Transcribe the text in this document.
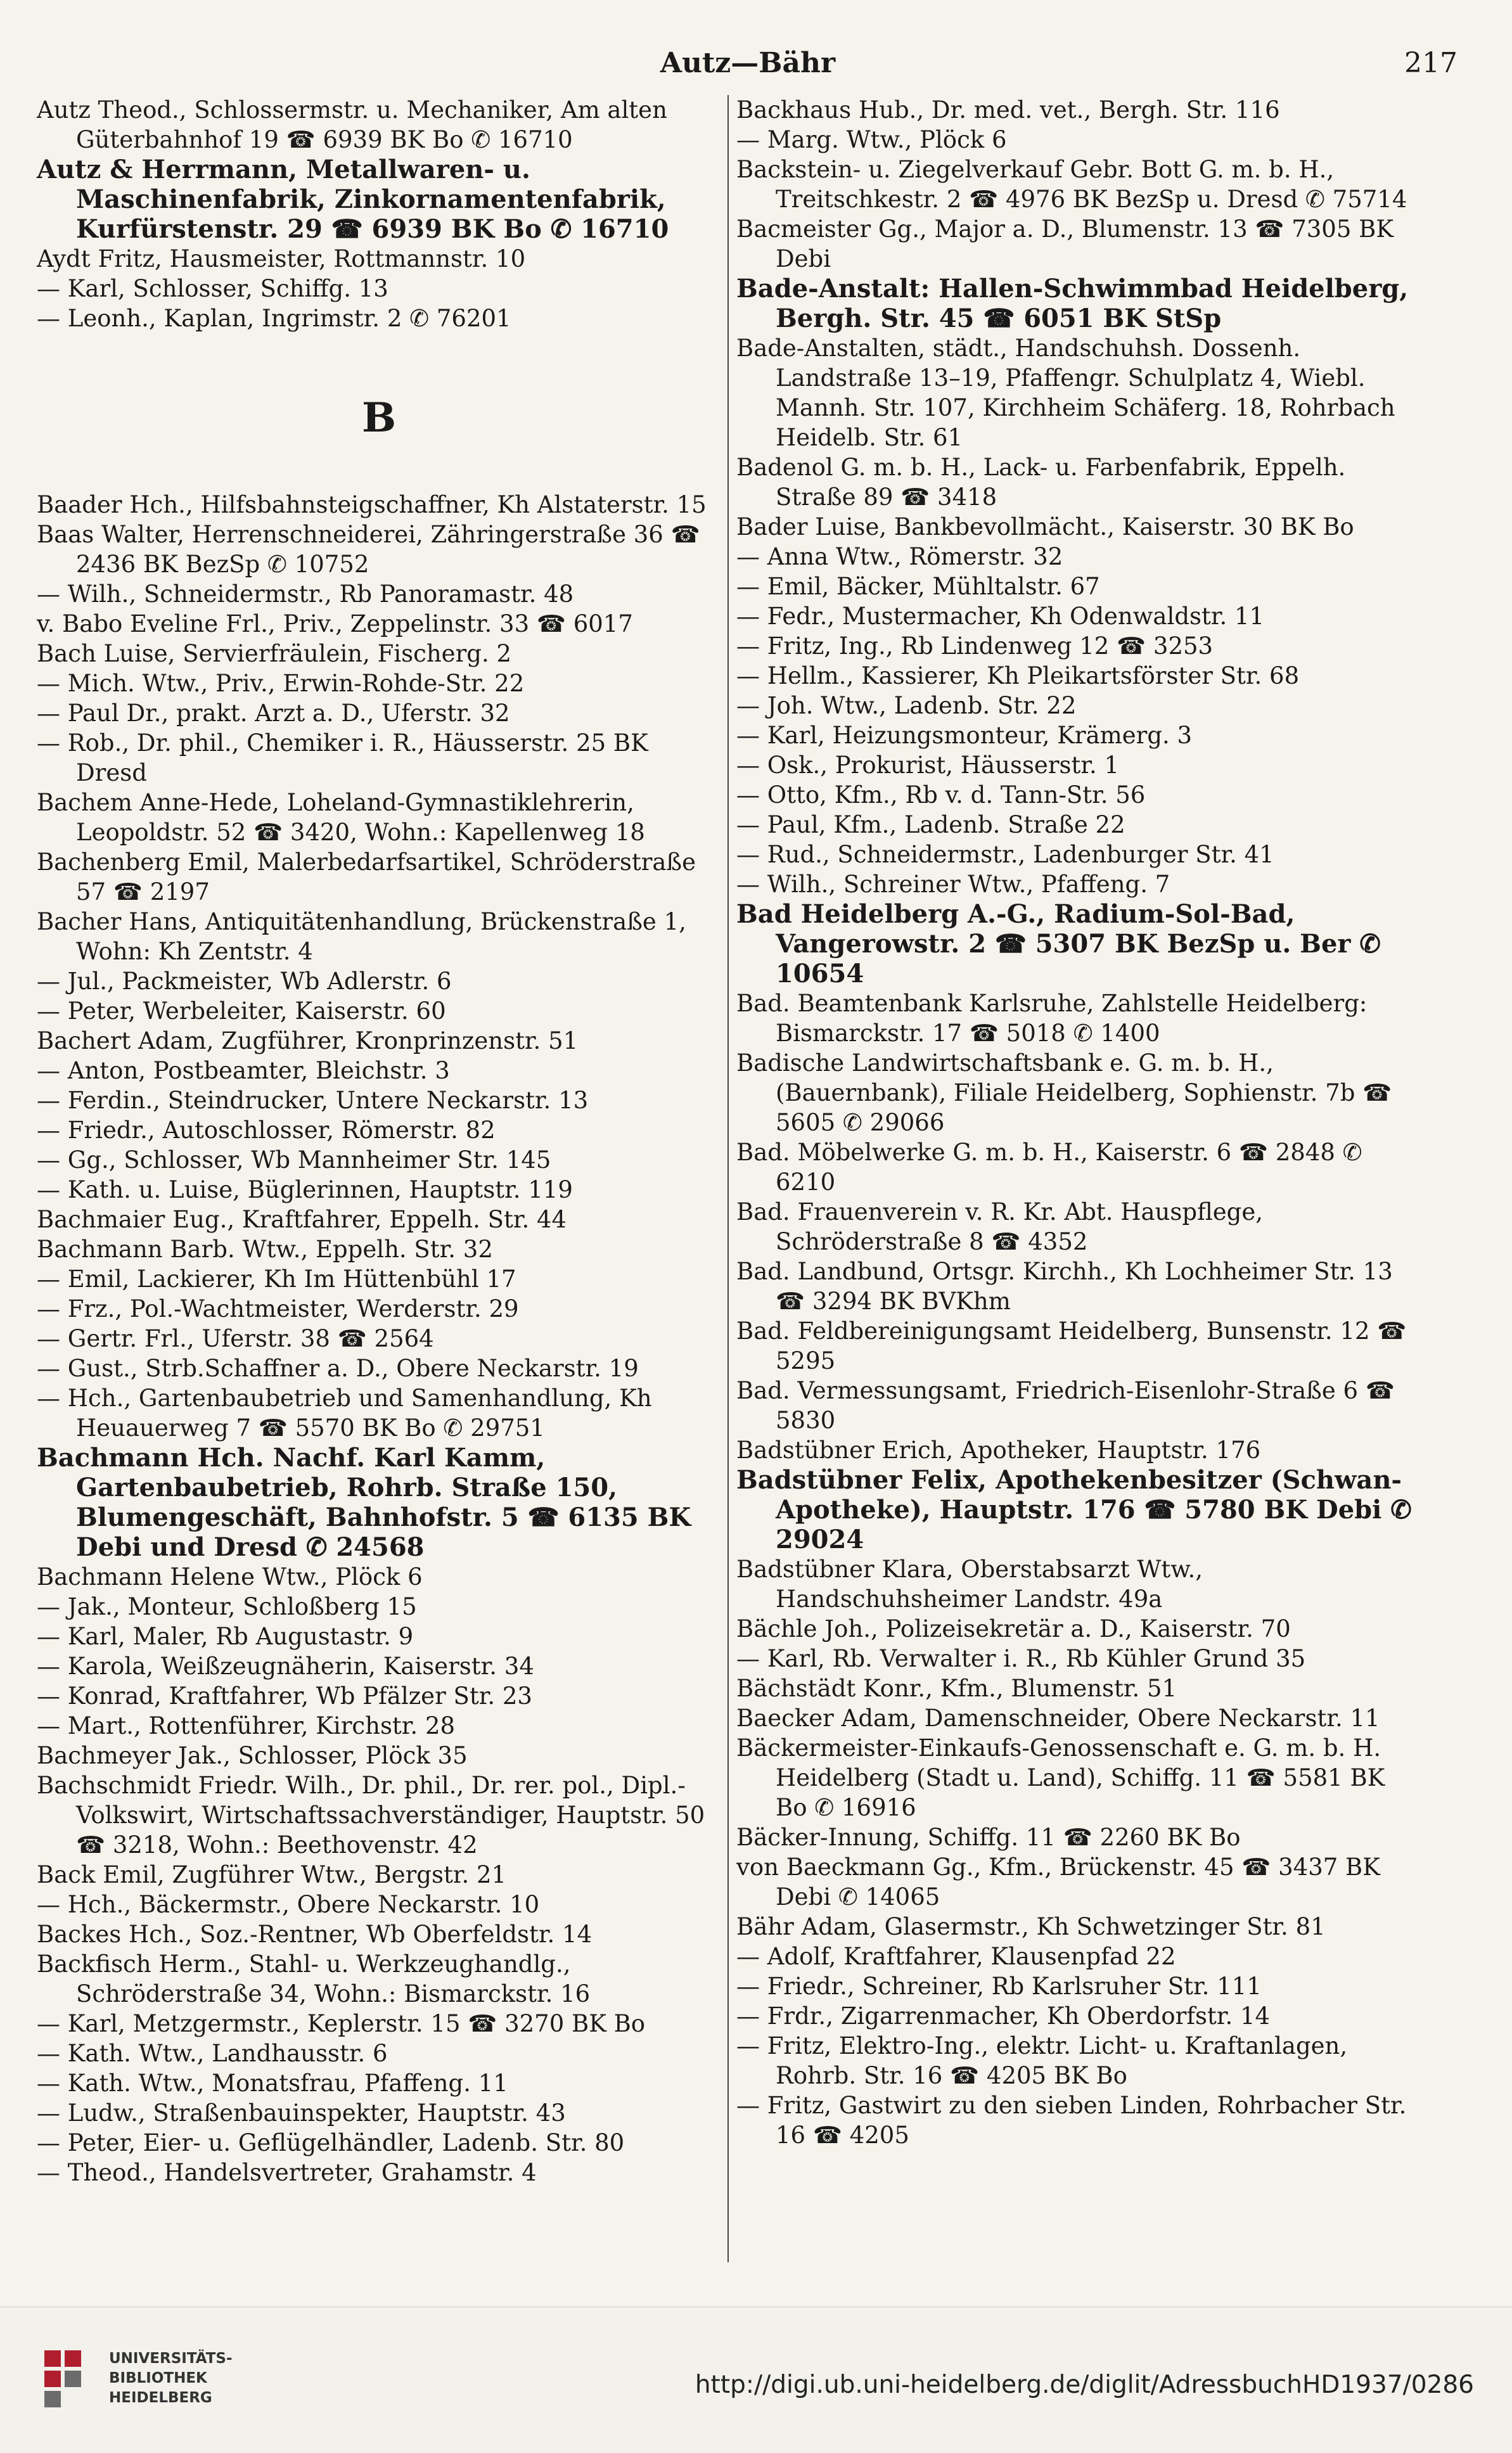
Autz—Bähr	217

Autz Theod., Schlossermstr. u. Mechaniker, Am alten Güterbahnhof 19 ☎ 6939 BK Bo ✆ 16710

Autz & Herrmann, Metallwaren- u. Maschinenfabrik, Zinkornamentenfabrik, Kurfürstenstr. 29 ☎ 6939 BK Bo ✆ 16710

Aydt Fritz, Hausmeister, Rottmannstr. 10

— Karl, Schlosser, Schiffg. 13

— Leonh., Kaplan, Ingrimstr. 2 ✆ 76201

B

Baader Hch., Hilfsbahnsteigschaffner, Kh Alstaterstr. 15

Baas Walter, Herrenschneiderei, Zähringerstraße 36 ☎ 2436 BK BezSp ✆ 10752

— Wilh., Schneidermstr., Rb Panoramastr. 48

v. Babo Eveline Frl., Priv., Zeppelinstr. 33 ☎ 6017

Bach Luise, Servierfräulein, Fischerg. 2

— Mich. Wtw., Priv., Erwin-Rohde-Str. 22

— Paul Dr., prakt. Arzt a. D., Uferstr. 32

— Rob., Dr. phil., Chemiker i. R., Häusserstr. 25 BK Dresd

Bachem Anne-Hede, Loheland-Gymnastiklehrerin, Leopoldstr. 52 ☎ 3420, Wohn.: Kapellenweg 18

Bachenberg Emil, Malerbedarfsartikel, Schröderstraße 57 ☎ 2197

Bacher Hans, Antiquitätenhandlung, Brückenstraße 1, Wohn: Kh Zentstr. 4

— Jul., Packmeister, Wb Adlerstr. 6

— Peter, Werbeleiter, Kaiserstr. 60

Bachert Adam, Zugführer, Kronprinzenstr. 51

— Anton, Postbeamter, Bleichstr. 3

— Ferdin., Steindrucker, Untere Neckarstr. 13

— Friedr., Autoschlosser, Römerstr. 82

— Gg., Schlosser, Wb Mannheimer Str. 145

— Kath. u. Luise, Büglerinnen, Hauptstr. 119

Bachmaier Eug., Kraftfahrer, Eppelh. Str. 44

Bachmann Barb. Wtw., Eppelh. Str. 32

— Emil, Lackierer, Kh Im Hüttenbühl 17

— Frz., Pol.-Wachtmeister, Werderstr. 29

— Gertr. Frl., Uferstr. 38 ☎ 2564

— Gust., Strb.Schaffner a. D., Obere Neckarstr. 19

— Hch., Gartenbaubetrieb und Samenhandlung, Kh Heuauerweg 7 ☎ 5570 BK Bo ✆ 29751

Bachmann Hch. Nachf. Karl Kamm, Gartenbaubetrieb, Rohrb. Straße 150, Blumengeschäft, Bahnhofstr. 5 ☎ 6135 BK Debi und Dresd ✆ 24568

Bachmann Helene Wtw., Plöck 6

— Jak., Monteur, Schloßberg 15

— Karl, Maler, Rb Augustastr. 9

— Karola, Weißzeugnäherin, Kaiserstr. 34

— Konrad, Kraftfahrer, Wb Pfälzer Str. 23

— Mart., Rottenführer, Kirchstr. 28

Bachmeyer Jak., Schlosser, Plöck 35

Bachschmidt Friedr. Wilh., Dr. phil., Dr. rer. pol., Dipl.-Volkswirt, Wirtschaftssachverständiger, Hauptstr. 50 ☎ 3218, Wohn.: Beethovenstr. 42

Back Emil, Zugführer Wtw., Bergstr. 21

— Hch., Bäckermstr., Obere Neckarstr. 10

Backes Hch., Soz.-Rentner, Wb Oberfeldstr. 14

Backfisch Herm., Stahl- u. Werkzeughandlg., Schröderstraße 34, Wohn.: Bismarckstr. 16

— Karl, Metzgermstr., Keplerstr. 15 ☎ 3270 BK Bo

— Kath. Wtw., Landhausstr. 6

— Kath. Wtw., Monatsfrau, Pfaffeng. 11

— Ludw., Straßenbauinspekter, Hauptstr. 43

— Peter, Eier- u. Geflügelhändler, Ladenb. Str. 80

— Theod., Handelsvertreter, Grahamstr. 4

Backhaus Hub., Dr. med. vet., Bergh. Str. 116

— Marg. Wtw., Plöck 6

Backstein- u. Ziegelverkauf Gebr. Bott G. m. b. H., Treitschkestr. 2 ☎ 4976 BK BezSp u. Dresd ✆ 75714

Bacmeister Gg., Major a. D., Blumenstr. 13 ☎ 7305 BK Debi

Bade-Anstalt: Hallen-Schwimmbad Heidelberg, Bergh. Str. 45 ☎ 6051 BK StSp

Bade-Anstalten, städt., Handschuhsh. Dossenh. Landstraße 13–19, Pfaffengr. Schulplatz 4, Wiebl. Mannh. Str. 107, Kirchheim Schäferg. 18, Rohrbach Heidelb. Str. 61

Badenol G. m. b. H., Lack- u. Farbenfabrik, Eppelh. Straße 89 ☎ 3418

Bader Luise, Bankbevollmächt., Kaiserstr. 30 BK Bo

— Anna Wtw., Römerstr. 32

— Emil, Bäcker, Mühltalstr. 67

— Fedr., Mustermacher, Kh Odenwaldstr. 11

— Fritz, Ing., Rb Lindenweg 12 ☎ 3253

— Hellm., Kassierer, Kh Pleikartsförster Str. 68

— Joh. Wtw., Ladenb. Str. 22

— Karl, Heizungsmonteur, Krämerg. 3

— Osk., Prokurist, Häusserstr. 1

— Otto, Kfm., Rb v. d. Tann-Str. 56

— Paul, Kfm., Ladenb. Straße 22

— Rud., Schneidermstr., Ladenburger Str. 41

— Wilh., Schreiner Wtw., Pfaffeng. 7

Bad Heidelberg A.-G., Radium-Sol-Bad, Vangerowstr. 2 ☎ 5307 BK BezSp u. Ber ✆ 10654

Bad. Beamtenbank Karlsruhe, Zahlstelle Heidelberg: Bismarckstr. 17 ☎ 5018 ✆ 1400

Badische Landwirtschaftsbank e. G. m. b. H., (Bauernbank), Filiale Heidelberg, Sophienstr. 7b ☎ 5605 ✆ 29066

Bad. Möbelwerke G. m. b. H., Kaiserstr. 6 ☎ 2848 ✆ 6210

Bad. Frauenverein v. R. Kr. Abt. Hauspflege, Schröderstraße 8 ☎ 4352

Bad. Landbund, Ortsgr. Kirchh., Kh Lochheimer Str. 13 ☎ 3294 BK BVKhm

Bad. Feldbereinigungsamt Heidelberg, Bunsenstr. 12 ☎ 5295

Bad. Vermessungsamt, Friedrich-Eisenlohr-Straße 6 ☎ 5830

Badstübner Erich, Apotheker, Hauptstr. 176

Badstübner Felix, Apothekenbesitzer (Schwan-Apotheke), Hauptstr. 176 ☎ 5780 BK Debi ✆ 29024

Badstübner Klara, Oberstabsarzt Wtw., Handschuhsheimer Landstr. 49a

Bächle Joh., Polizeisekretär a. D., Kaiserstr. 70

— Karl, Rb. Verwalter i. R., Rb Kühler Grund 35

Bächstädt Konr., Kfm., Blumenstr. 51

Baecker Adam, Damenschneider, Obere Neckarstr. 11

Bäckermeister-Einkaufs-Genossenschaft e. G. m. b. H. Heidelberg (Stadt u. Land), Schiffg. 11 ☎ 5581 BK Bo ✆ 16916

Bäcker-Innung, Schiffg. 11 ☎ 2260 BK Bo

von Baeckmann Gg., Kfm., Brückenstr. 45 ☎ 3437 BK Debi ✆ 14065

Bähr Adam, Glasermstr., Kh Schwetzinger Str. 81

— Adolf, Kraftfahrer, Klausenpfad 22

— Friedr., Schreiner, Rb Karlsruher Str. 111

— Frdr., Zigarrenmacher, Kh Oberdorfstr. 14

— Fritz, Elektro-Ing., elektr. Licht- u. Kraftanlagen, Rohrb. Str. 16 ☎ 4205 BK Bo

— Fritz, Gastwirt zu den sieben Linden, Rohrbacher Str. 16 ☎ 4205

UNIVERSITÄTS-
BIBLIOTHEK
HEIDELBERG	http://digi.ub.uni-heidelberg.de/diglit/AdressbuchHD1937/0286
